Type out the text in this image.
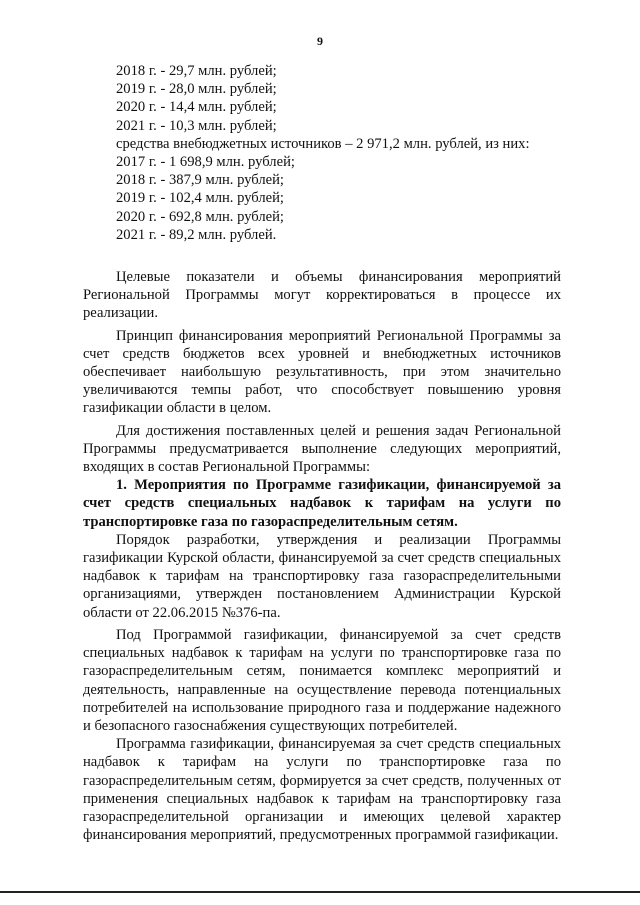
9
2018 г. - 29,7 млн. рублей;
2019 г. - 28,0 млн. рублей;
2020 г. - 14,4 млн. рублей;
2021 г. - 10,3 млн. рублей;
средства внебюджетных источников – 2 971,2 млн. рублей, из них:
2017 г. - 1 698,9 млн. рублей;
2018 г. - 387,9 млн. рублей;
2019 г. - 102,4 млн. рублей;
2020 г. - 692,8 млн. рублей;
2021 г. - 89,2 млн. рублей.

Целевые показатели и объемы финансирования мероприятий Региональной Программы могут корректироваться в процессе их реализации.

Принцип финансирования мероприятий Региональной Программы за счет средств бюджетов всех уровней и внебюджетных источников обеспечивает наибольшую результативность, при этом значительно увеличиваются темпы работ, что способствует повышению уровня газификации области в целом.

Для достижения поставленных целей и решения задач Региональной Программы предусматривается выполнение следующих мероприятий, входящих в состав Региональной Программы:

1. Мероприятия по Программе газификации, финансируемой за счет средств специальных надбавок к тарифам на услуги по транспортировке газа по газораспределительным сетям.

Порядок разработки, утверждения и реализации Программы газификации Курской области, финансируемой за счет средств специальных надбавок к тарифам на транспортировку газа газораспределительными организациями, утвержден постановлением Администрации Курской области от 22.06.2015 №376-па.

Под Программой газификации, финансируемой за счет средств специальных надбавок к тарифам на услуги по транспортировке газа по газораспределительным сетям, понимается комплекс мероприятий и деятельность, направленные на осуществление перевода потенциальных потребителей на использование природного газа и поддержание надежного и безопасного газоснабжения существующих потребителей.

Программа газификации, финансируемая за счет средств специальных надбавок к тарифам на услуги по транспортировке газа по газораспределительным сетям, формируется за счет средств, полученных от применения специальных надбавок к тарифам на транспортировку газа газораспределительной организации и имеющих целевой характер финансирования мероприятий, предусмотренных программой газификации.
